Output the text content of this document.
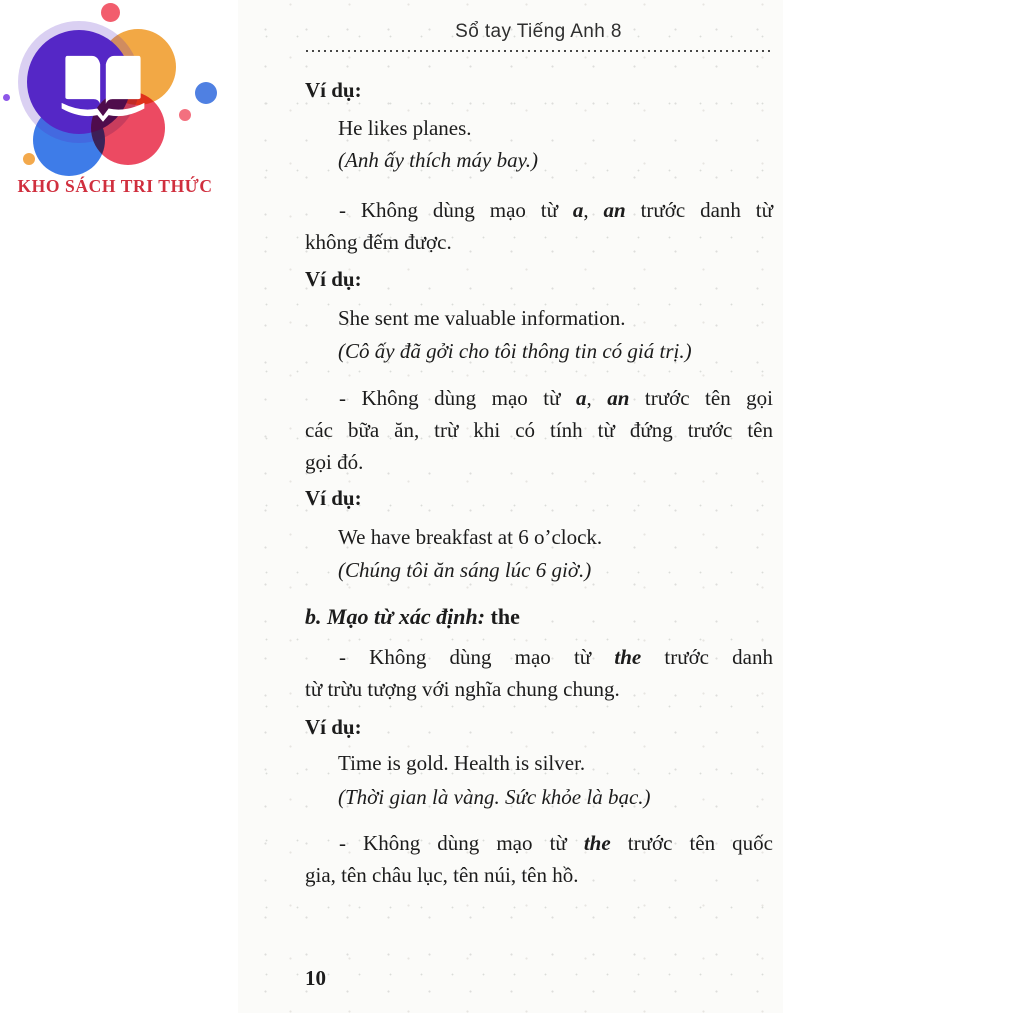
Sổ tay Tiếng Anh 8
Ví dụ:
He likes planes.
(Anh ấy thích máy bay.)
- Không dùng mạo từ a, an trước danh từ
không đếm được.
Ví dụ:
She sent me valuable information.
(Cô ấy đã gởi cho tôi thông tin có giá trị.)
- Không dùng mạo từ a, an trước tên gọi
các bữa ăn, trừ khi có tính từ đứng trước tên
gọi đó.
Ví dụ:
We have breakfast at 6 o’clock.
(Chúng tôi ăn sáng lúc 6 giờ.)
b. Mạo từ xác định: the
- Không dùng mạo từ the trước danh
từ trừu tượng với nghĩa chung chung.
Ví dụ:
Time is gold. Health is silver.
(Thời gian là vàng. Sức khỏe là bạc.)
- Không dùng mạo từ the trước tên quốc
gia, tên châu lục, tên núi, tên hồ.
10
KHO SÁCH TRI THỨC
